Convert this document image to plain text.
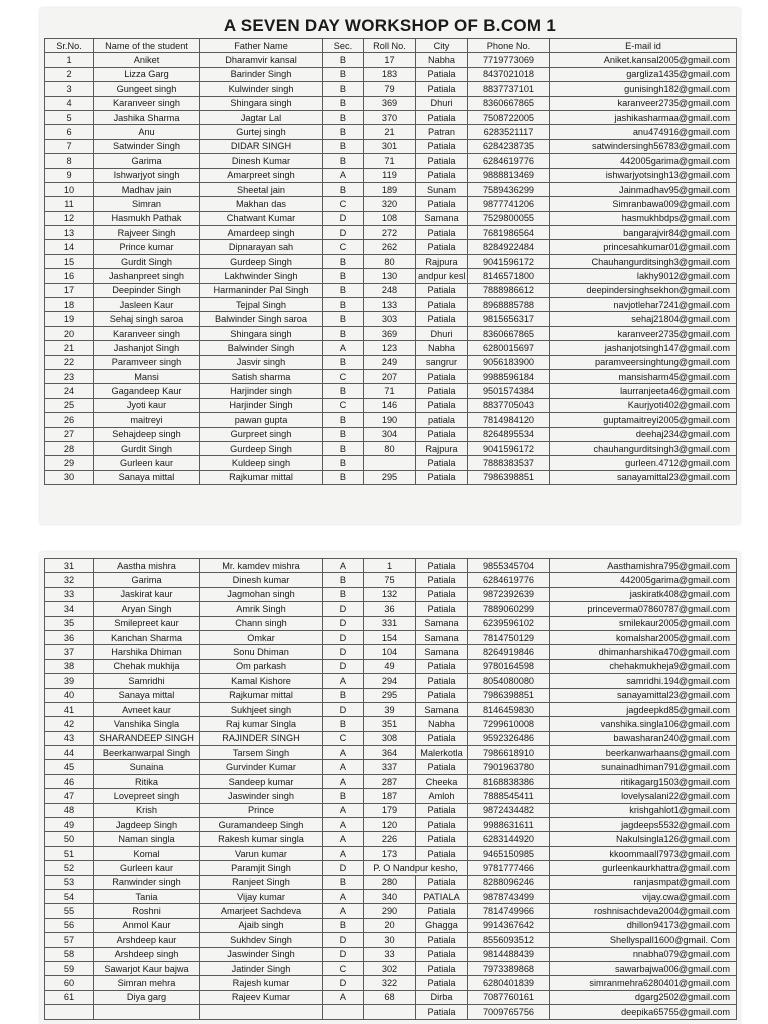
A SEVEN DAY WORKSHOP OF B.COM 1
Sr.No.	Name of the student	Father Name	Sec.	Roll No.	City	Phone No.	E-mail id
1	Aniket	Dharamvir kansal	B	17	Nabha	7719773069	Aniket.kansal2005@gmail.com
2	Lizza Garg	Barinder Singh	B	183	Patiala	8437021018	gargliza1435@gmail.com
3	Gungeet singh	Kulwinder singh	B	79	Patiala	8837737101	gunisingh182@gmail.com
4	Karanveer singh	Shingara singh	B	369	Dhuri	8360667865	karanveer2735@gmail.com
5	Jashika Sharma	Jagtar Lal	B	370	Patiala	7508722005	jashikasharmaa@gmail.com
6	Anu	Gurtej singh	B	21	Patran	6283521117	anu474916@gmail.com
7	Satwinder Singh	DIDAR SINGH	B	301	Patiala	6284238735	satwindersingh56783@gmail.com
8	Garima	Dinesh Kumar	B	71	Patiala	6284619776	442005garima@gmail.com
9	Ishwarjyot singh	Amarpreet singh	A	119	Patiala	9888813469	ishwarjyotsingh13@gmail.com
10	Madhav jain	Sheetal jain	B	189	Sunam	7589436299	Jainmadhav95@gmail.com
11	Simran	Makhan das	C	320	Patiala	9877741206	Simranbawa009@gmail.com
12	Hasmukh Pathak	Chatwant Kumar	D	108	Samana	7529800055	hasmukhbdps@gmail.com
13	Rajveer Singh	Amardeep singh	D	272	Patiala	7681986564	bangarajvir84@gmail.com
14	Prince kumar	Dipnarayan sah	C	262	Patiala	8284922484	princesahkumar01@gmail.com
15	Gurdit Singh	Gurdeep Singh	B	80	Rajpura	9041596172	Chauhangurditsingh3@gmail.com
16	Jashanpreet singh	Lakhwinder Singh	B	130	andpur kesl	8146571800	lakhy9012@gmail.com
17	Deepinder Singh	Harmaninder Pal Singh	B	248	Patiala	7888986612	deepindersinghsekhon@gmail.com
18	Jasleen Kaur	Tejpal Singh	B	133	Patiala	8968885788	navjotlehar7241@gmail.com
19	Sehaj singh saroa	Balwinder Singh saroa	B	303	Patiala	9815656317	sehaj21804@gmail.com
20	Karanveer singh	Shingara singh	B	369	Dhuri	8360667865	karanveer2735@gmail.com
21	Jashanjot Singh	Balwinder Singh	A	123	Nabha	6280015697	jashanjotsingh147@gmail.com
22	Paramveer singh	Jasvir singh	B	249	sangrur	9056183900	paramveersinghtung@gmail.com
23	Mansi	Satish sharma	C	207	Patiala	9988596184	mansisharm45@gmail.com
24	Gagandeep Kaur	Harjinder singh	B	71	Patiala	9501574384	laurranjeeta46@gmail.com
25	Jyoti kaur	Harjinder Singh	C	146	Patiala	8837705043	Kaurjyoti402@gmail.com
26	maitreyi	pawan gupta	B	190	patiala	7814984120	guptamaitreyi2005@gmail.com
27	Sehajdeep singh	Gurpreet singh	B	304	Patiala	8264895534	deehaj234@gmail.com
28	Gurdit Singh	Gurdeep Singh	B	80	Rajpura	9041596172	chauhangurditsingh3@gmail.com
29	Gurleen kaur	Kuldeep singh	B		Patiala	7888383537	gurleen.4712@gmail.com
30	Sanaya mittal	Rajkumar mittal	B	295	Patiala	7986398851	sanayamittal23@gmail.com
31	Aastha mishra	Mr. kamdev mishra	A	1	Patiala	9855345704	Aasthamishra795@gmail.com
32	Garima	Dinesh kumar	B	75	Patiala	6284619776	442005garima@gmail.com
33	Jaskirat kaur	Jagmohan singh	B	132	Patiala	9872392639	jaskiratk408@gmail.com
34	Aryan Singh	Amrik Singh	D	36	Patiala	7889060299	princeverma07860787@gmail.com
35	Smilepreet kaur	Chann singh	D	331	Samana	6239596102	smilekaur2005@gmail.com
36	Kanchan Sharma	Omkar	D	154	Samana	7814750129	komalshar2005@gmail.com
37	Harshika Dhiman	Sonu Dhiman	D	104	Samana	8264919846	dhimanharshika470@gmail.com
38	Chehak mukhija	Om parkash	D	49	Patiala	9780164598	chehakmukheja9@gmail.com
39	Samridhi	Kamal Kishore	A	294	Patiala	8054080080	samridhi.194@gmail.com
40	Sanaya mittal	Rajkumar mittal	B	295	Patiala	7986398851	sanayamittal23@gmail.com
41	Avneet kaur	Sukhjeet singh	D	39	Samana	8146459830	jagdeepkd85@gmail.com
42	Vanshika Singla	Raj kumar Singla	B	351	Nabha	7299610008	vanshika.singla106@gmail.com
43	SHARANDEEP SINGH	RAJINDER SINGH	C	308	Patiala	9592326486	bawasharan240@gmail.com
44	Beerkanwarpal Singh	Tarsem Singh	A	364	Malerkotla	7986618910	beerkanwarhaans@gmail.com
45	Sunaina	Gurvinder Kumar	A	337	Patiala	7901963780	sunainadhiman791@gmail.com
46	Ritika	Sandeep kumar	A	287	Cheeka	8168838386	ritikagarg1503@gmail.com
47	Lovepreet singh	Jaswinder singh	B	187	Amloh	7888545411	lovelysalani22@gmail.com
48	Krish	Prince	A	179	Patiala	9872434482	krishgahlot1@gmail.com
49	Jagdeep Singh	Guramandeep Singh	A	120	Patiala	9988631611	jagdeeps5532@gmail.com
50	Naman singla	Rakesh kumar singla	A	226	Patiala	6283144920	Nakulsingla126@gmail.com
51	Komal	Varun kumar	A	173	Patiala	9465150985	kkoommaall7973@gmail.com
52	Gurleen kaur	Paramjit Singh	D	P. O Nandpur kesho,		9781777466	gurleenkaurkhattra@gmail.com
53	Ranwinder singh	Ranjeet Singh	B	280	Patiala	8288096246	ranjasmpat@gmail.com
54	Tania	Vijay kumar	A	340	PATIALA	9878743499	vijay.cwa@gmail.com
55	Roshni	Amarjeet Sachdeva	A	290	Patiala	7814749966	roshnisachdeva2004@gmail.com
56	Anmol Kaur	Ajaib singh	B	20	Ghagga	9914367642	dhillon94173@gmail.com
57	Arshdeep kaur	Sukhdev Singh	D	30	Patiala	8556093512	Shellyspall1600@gmail. Com
58	Arshdeep singh	Jaswinder Singh	D	33	Patiala	9814488439	nnabha079@gmail.com
59	Sawarjot Kaur bajwa	Jatinder Singh	C	302	Patiala	7973389868	sawarbajwa006@gmail.com
60	Simran mehra	Rajesh kumar	D	322	Patiala	6280401839	simranmehra6280401@gmail.com
61	Diya garg	Rajeev Kumar	A	68	Dirba	7087760161	dgarg2502@gmail.com
					Patiala	7009765756	deepika65755@gmail.com
